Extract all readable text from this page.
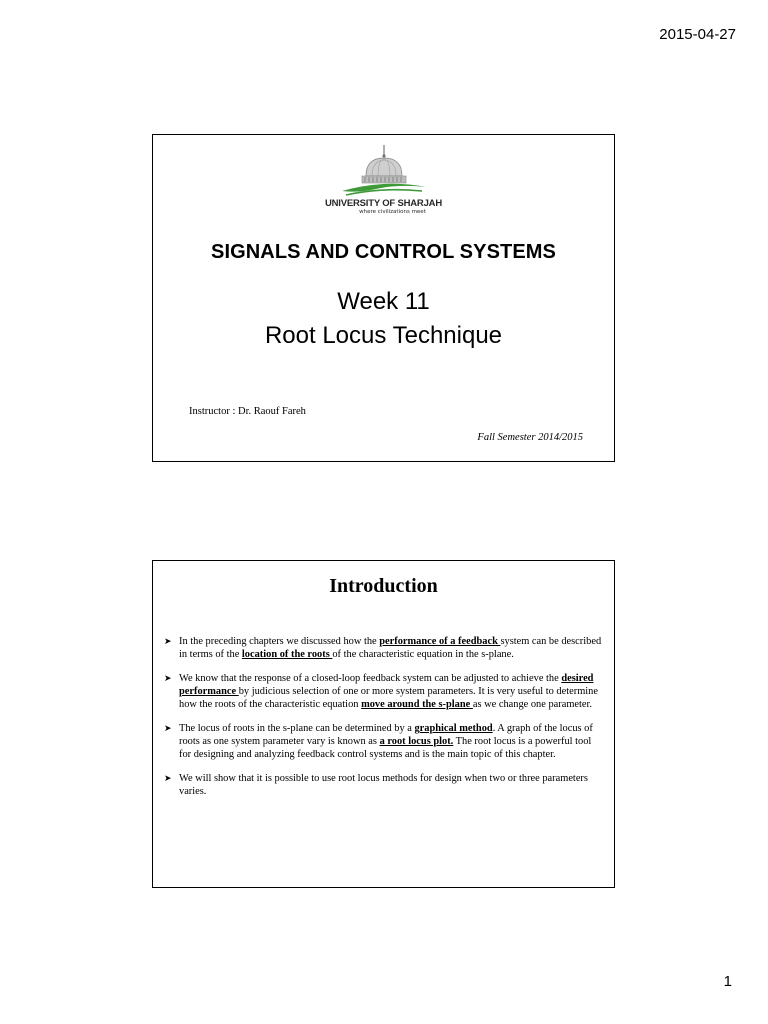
2015-04-27
UNIVERSITY OF SHARJAH
where civilizations meet
SIGNALS AND CONTROL SYSTEMS
Week 11
Root Locus Technique
Instructor : Dr. Raouf Fareh
Fall Semester 2014/2015
Introduction
➤ In the preceding chapters we discussed how the performance of a feedback system can be described in terms of the location of the roots of the characteristic equation in the s-plane.
➤ We know that the response of a closed-loop feedback system can be adjusted to achieve the desired performance by judicious selection of one or more system parameters. It is very useful to determine how the roots of the characteristic equation move around the s-plane as we change one parameter.
➤ The locus of roots in the s-plane can be determined by a graphical method. A graph of the locus of roots as one system parameter vary is known as a root locus plot. The root locus is a powerful tool for designing and analyzing feedback control systems and is the main topic of this chapter.
➤ We will show that it is possible to use root locus methods for design when two or three parameters varies.
1
